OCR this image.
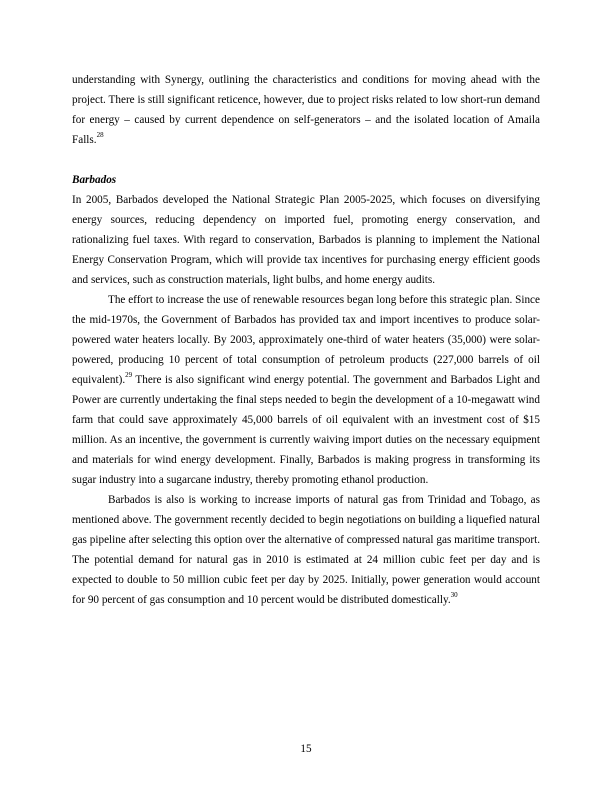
understanding with Synergy, outlining the characteristics and conditions for moving ahead with the project. There is still significant reticence, however, due to project risks related to low short-run demand for energy – caused by current dependence on self-generators – and the isolated location of Amaila Falls.$^{28}$

Barbados

In 2005, Barbados developed the National Strategic Plan 2005-2025, which focuses on diversifying energy sources, reducing dependency on imported fuel, promoting energy conservation, and rationalizing fuel taxes. With regard to conservation, Barbados is planning to implement the National Energy Conservation Program, which will provide tax incentives for purchasing energy efficient goods and services, such as construction materials, light bulbs, and home energy audits.

The effort to increase the use of renewable resources began long before this strategic plan. Since the mid-1970s, the Government of Barbados has provided tax and import incentives to produce solar-powered water heaters locally. By 2003, approximately one-third of water heaters (35,000) were solar-powered, producing 10 percent of total consumption of petroleum products (227,000 barrels of oil equivalent).$^{29}$ There is also significant wind energy potential. The government and Barbados Light and Power are currently undertaking the final steps needed to begin the development of a 10-megawatt wind farm that could save approximately 45,000 barrels of oil equivalent with an investment cost of $15 million. As an incentive, the government is currently waiving import duties on the necessary equipment and materials for wind energy development. Finally, Barbados is making progress in transforming its sugar industry into a sugarcane industry, thereby promoting ethanol production.

Barbados is also is working to increase imports of natural gas from Trinidad and Tobago, as mentioned above. The government recently decided to begin negotiations on building a liquefied natural gas pipeline after selecting this option over the alternative of compressed natural gas maritime transport. The potential demand for natural gas in 2010 is estimated at 24 million cubic feet per day and is expected to double to 50 million cubic feet per day by 2025. Initially, power generation would account for 90 percent of gas consumption and 10 percent would be distributed domestically.$^{30}$

15
